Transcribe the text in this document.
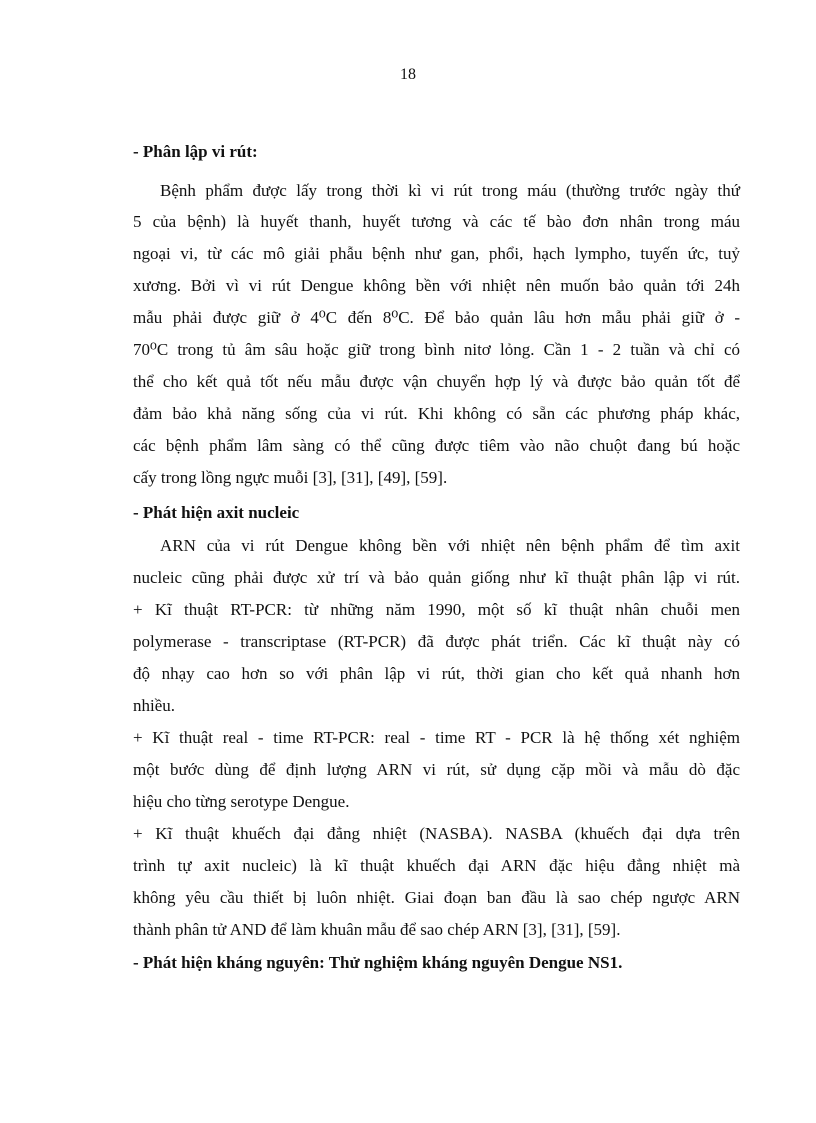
18
- Phân lập vi rút:
Bệnh phẩm được lấy trong thời kì vi rút trong máu (thường trước ngày thứ
5 của bệnh) là huyết thanh, huyết tương và các tế bào đơn nhân trong máu
ngoại vi, từ các mô giải phẫu bệnh như gan, phổi, hạch lympho, tuyến ức, tuỷ
xương. Bởi vì vi rút Dengue không bền với nhiệt nên muốn bảo quản tới 24h
mẫu phải được giữ ở 4⁰C đến 8⁰C. Để bảo quản lâu hơn mẫu phải giữ ở -
70⁰C trong tủ âm sâu hoặc giữ trong bình nitơ lỏng. Cần 1 - 2 tuần và chỉ có
thể cho kết quả tốt nếu mẫu được vận chuyển hợp lý và được bảo quản tốt để
đảm bảo khả năng sống của vi rút. Khi không có sẵn các phương pháp khác,
các bệnh phẩm lâm sàng có thể cũng được tiêm vào não chuột đang bú hoặc
cấy trong lồng ngực muỗi [3], [31], [49], [59].
- Phát hiện axit nucleic
ARN của vi rút Dengue không bền với nhiệt nên bệnh phẩm để tìm axit
nucleic cũng phải được xử trí và bảo quản giống như kĩ thuật phân lập vi rút.
+ Kĩ thuật RT-PCR: từ những năm 1990, một số kĩ thuật nhân chuỗi men
polymerase - transcriptase (RT-PCR) đã được phát triển. Các kĩ thuật này có
độ nhạy cao hơn so với phân lập vi rút, thời gian cho kết quả nhanh hơn
nhiều.
+ Kĩ thuật real - time RT-PCR: real - time RT - PCR là hệ thống xét nghiệm
một bước dùng để định lượng ARN vi rút, sử dụng cặp mồi và mẫu dò đặc
hiệu cho từng serotype Dengue.
+ Kĩ thuật khuếch đại đẳng nhiệt (NASBA). NASBA (khuếch đại dựa trên
trình tự axit nucleic) là kĩ thuật khuếch đại ARN đặc hiệu đẳng nhiệt mà
không yêu cầu thiết bị luôn nhiệt. Giai đoạn ban đầu là sao chép ngược ARN
thành phân tử AND để làm khuân mẫu để sao chép ARN [3], [31], [59].
- Phát hiện kháng nguyên: Thử nghiệm kháng nguyên Dengue NS1.
